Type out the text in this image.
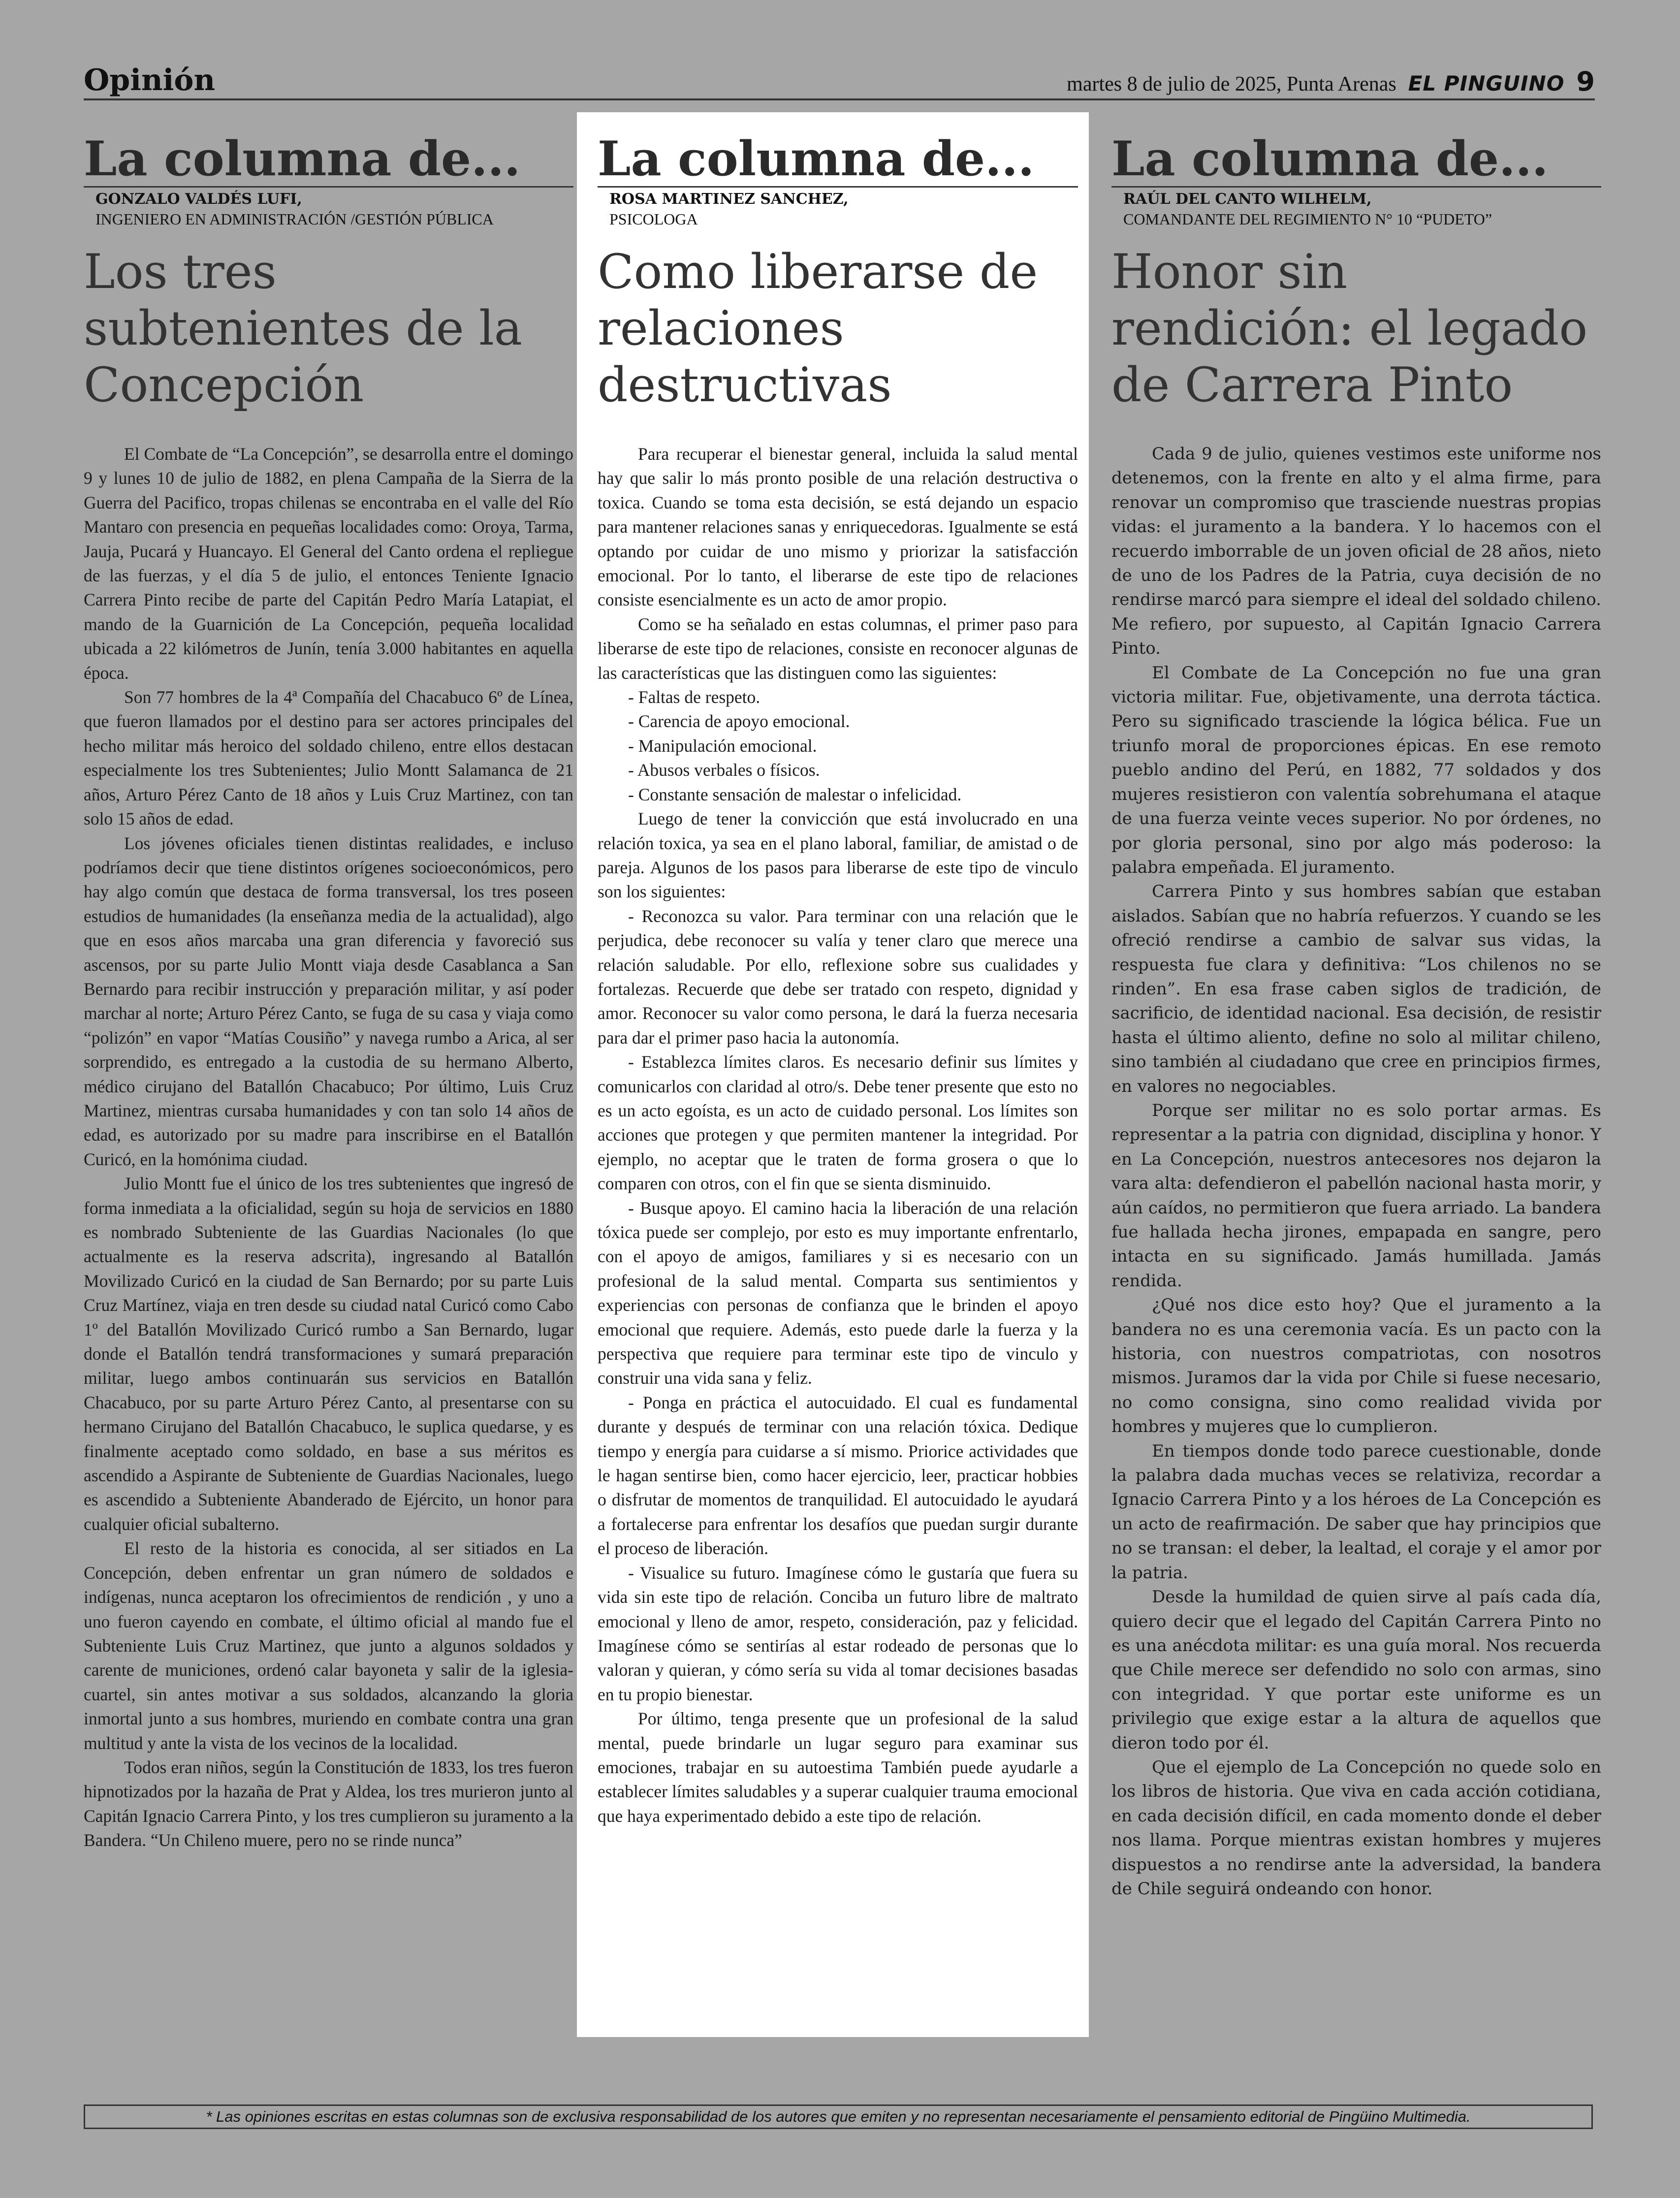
Opinión	martes 8 de julio de 2025, Punta Arenas EL PINGUINO 9
La columna de...
GONZALO VALDÉS LUFI,
INGENIERO EN ADMINISTRACIÓN /GESTIÓN PÚBLICA
Los tres subtenientes de la Concepción

El Combate de “La Concepción”, se desarrolla entre el domingo 9 y lunes 10 de julio de 1882, en plena Campaña de la Sierra de la Guerra del Pacifico, tropas chilenas se encontraba en el valle del Río Mantaro con presencia en pequeñas localidades como: Oroya, Tarma, Jauja, Pucará y Huancayo. El General del Canto ordena el repliegue de las fuerzas, y el día 5 de julio, el entonces Teniente Ignacio Carrera Pinto recibe de parte del Capitán Pedro María Latapiat, el mando de la Guarnición de La Concepción, pequeña localidad ubicada a 22 kilómetros de Junín, tenía 3.000 habitantes en aquella época.

Son 77 hombres de la 4ª Compañía del Chacabuco 6º de Línea, que fueron llamados por el destino para ser actores principales del hecho militar más heroico del soldado chileno, entre ellos destacan especialmente los tres Subtenientes; Julio Montt Salamanca de 21 años, Arturo Pérez Canto de 18 años y Luis Cruz Martinez, con tan solo 15 años de edad.

Los jóvenes oficiales tienen distintas realidades, e incluso podríamos decir que tiene distintos orígenes socioeconómicos, pero hay algo común que destaca de forma transversal, los tres poseen estudios de humanidades (la enseñanza media de la actualidad), algo que en esos años marcaba una gran diferencia y favoreció sus ascensos, por su parte Julio Montt viaja desde Casablanca a San Bernardo para recibir instrucción y preparación militar, y así poder marchar al norte; Arturo Pérez Canto, se fuga de su casa y viaja como “polizón” en vapor “Matías Cousiño” y navega rumbo a Arica, al ser sorprendido, es entregado a la custodia de su hermano Alberto, médico cirujano del Batallón Chacabuco; Por último, Luis Cruz Martinez, mientras cursaba humanidades y con tan solo 14 años de edad, es autorizado por su madre para inscribirse en el Batallón Curicó, en la homónima ciudad.

Julio Montt fue el único de los tres subtenientes que ingresó de forma inmediata a la oficialidad, según su hoja de servicios en 1880 es nombrado Subteniente de las Guardias Nacionales (lo que actualmente es la reserva adscrita), ingresando al Batallón Movilizado Curicó en la ciudad de San Bernardo; por su parte Luis Cruz Martínez, viaja en tren desde su ciudad natal Curicó como Cabo 1º del Batallón Movilizado Curicó rumbo a San Bernardo, lugar donde el Batallón tendrá transformaciones y sumará preparación militar, luego ambos continuarán sus servicios en Batallón Chacabuco, por su parte Arturo Pérez Canto, al presentarse con su hermano Cirujano del Batallón Chacabuco, le suplica quedarse, y es finalmente aceptado como soldado, en base a sus méritos es ascendido a Aspirante de Subteniente de Guardias Nacionales, luego es ascendido a Subteniente Abanderado de Ejército, un honor para cualquier oficial subalterno.

El resto de la historia es conocida, al ser sitiados en La Concepción, deben enfrentar un gran número de soldados e indígenas, nunca aceptaron los ofrecimientos de rendición , y uno a uno fueron cayendo en combate, el último oficial al mando fue el Subteniente Luis Cruz Martinez, que junto a algunos soldados y carente de municiones, ordenó calar bayoneta y salir de la iglesia-cuartel, sin antes motivar a sus soldados, alcanzando la gloria inmortal junto a sus hombres, muriendo en combate contra una gran multitud y ante la vista de los vecinos de la localidad.

Todos eran niños, según la Constitución de 1833, los tres fueron hipnotizados por la hazaña de Prat y Aldea, los tres murieron junto al Capitán Ignacio Carrera Pinto, y los tres cumplieron su juramento a la Bandera. “Un Chileno muere, pero no se rinde nunca”

La columna de...
ROSA MARTINEZ SANCHEZ,
PSICOLOGA
Como liberarse de relaciones destructivas

Para recuperar el bienestar general, incluida la salud mental hay que salir lo más pronto posible de una relación destructiva o toxica. Cuando se toma esta decisión, se está dejando un espacio para mantener relaciones sanas y enriquecedoras. Igualmente se está optando por cuidar de uno mismo y priorizar la satisfacción emocional. Por lo tanto, el liberarse de este tipo de relaciones consiste esencialmente es un acto de amor propio.

Como se ha señalado en estas columnas, el primer paso para liberarse de este tipo de relaciones, consiste en reconocer algunas de las características que las distinguen como las siguientes:

- Faltas de respeto.

- Carencia de apoyo emocional.

- Manipulación emocional.

- Abusos verbales o físicos.

- Constante sensación de malestar o infelicidad.

Luego de tener la convicción que está involucrado en una relación toxica, ya sea en el plano laboral, familiar, de amistad o de pareja. Algunos de los pasos para liberarse de este tipo de vinculo son los siguientes:

- Reconozca su valor. Para terminar con una relación que le perjudica, debe reconocer su valía y tener claro que merece una relación saludable. Por ello, reflexione sobre sus cualidades y fortalezas. Recuerde que debe ser tratado con respeto, dignidad y amor. Reconocer su valor como persona, le dará la fuerza necesaria para dar el primer paso hacia la autonomía.

- Establezca límites claros. Es necesario definir sus límites y comunicarlos con claridad al otro/s. Debe tener presente que esto no es un acto egoísta, es un acto de cuidado personal. Los límites son acciones que protegen y que permiten mantener la integridad. Por ejemplo, no aceptar que le traten de forma grosera o que lo comparen con otros, con el fin que se sienta disminuido.

- Busque apoyo. El camino hacia la liberación de una relación tóxica puede ser complejo, por esto es muy importante enfrentarlo, con el apoyo de amigos, familiares y si es necesario con un profesional de la salud mental. Comparta sus sentimientos y experiencias con personas de confianza que le brinden el apoyo emocional que requiere. Además, esto puede darle la fuerza y la perspectiva que requiere para terminar este tipo de vinculo y construir una vida sana y feliz.

- Ponga en práctica el autocuidado. El cual es fundamental durante y después de terminar con una relación tóxica. Dedique tiempo y energía para cuidarse a sí mismo. Priorice actividades que le hagan sentirse bien, como hacer ejercicio, leer, practicar hobbies o disfrutar de momentos de tranquilidad. El autocuidado le ayudará a fortalecerse para enfrentar los desafíos que puedan surgir durante el proceso de liberación.

- Visualice su futuro. Imagínese cómo le gustaría que fuera su vida sin este tipo de relación. Conciba un futuro libre de maltrato emocional y lleno de amor, respeto, consideración, paz y felicidad. Imagínese cómo se sentirías al estar rodeado de personas que lo valoran y quieran, y cómo sería su vida al tomar decisiones basadas en tu propio bienestar.

Por último, tenga presente que un profesional de la salud mental, puede brindarle un lugar seguro para examinar sus emociones, trabajar en su autoestima También puede ayudarle a establecer límites saludables y a superar cualquier trauma emocional que haya experimentado debido a este tipo de relación.

La columna de...
RAÚL DEL CANTO WILHELM,
COMANDANTE DEL REGIMIENTO N° 10 “PUDETO”
Honor sin rendición: el legado de Carrera Pinto

Cada 9 de julio, quienes vestimos este uniforme nos detenemos, con la frente en alto y el alma firme, para renovar un compromiso que trasciende nuestras propias vidas: el juramento a la bandera. Y lo hacemos con el recuerdo imborrable de un joven oficial de 28 años, nieto de uno de los Padres de la Patria, cuya decisión de no rendirse marcó para siempre el ideal del soldado chileno. Me refiero, por supuesto, al Capitán Ignacio Carrera Pinto.

El Combate de La Concepción no fue una gran victoria militar. Fue, objetivamente, una derrota táctica. Pero su significado trasciende la lógica bélica. Fue un triunfo moral de proporciones épicas. En ese remoto pueblo andino del Perú, en 1882, 77 soldados y dos mujeres resistieron con valentía sobrehumana el ataque de una fuerza veinte veces superior. No por órdenes, no por gloria personal, sino por algo más poderoso: la palabra empeñada. El juramento.

Carrera Pinto y sus hombres sabían que estaban aislados. Sabían que no habría refuerzos. Y cuando se les ofreció rendirse a cambio de salvar sus vidas, la respuesta fue clara y definitiva: “Los chilenos no se rinden”. En esa frase caben siglos de tradición, de sacrificio, de identidad nacional. Esa decisión, de resistir hasta el último aliento, define no solo al militar chileno, sino también al ciudadano que cree en principios firmes, en valores no negociables.

Porque ser militar no es solo portar armas. Es representar a la patria con dignidad, disciplina y honor. Y en La Concepción, nuestros antecesores nos dejaron la vara alta: defendieron el pabellón nacional hasta morir, y aún caídos, no permitieron que fuera arriado. La bandera fue hallada hecha jirones, empapada en sangre, pero intacta en su significado. Jamás humillada. Jamás rendida.

¿Qué nos dice esto hoy? Que el juramento a la bandera no es una ceremonia vacía. Es un pacto con la historia, con nuestros compatriotas, con nosotros mismos. Juramos dar la vida por Chile si fuese necesario, no como consigna, sino como realidad vivida por hombres y mujeres que lo cumplieron.

En tiempos donde todo parece cuestionable, donde la palabra dada muchas veces se relativiza, recordar a Ignacio Carrera Pinto y a los héroes de La Concepción es un acto de reafirmación. De saber que hay principios que no se transan: el deber, la lealtad, el coraje y el amor por la patria.

Desde la humildad de quien sirve al país cada día, quiero decir que el legado del Capitán Carrera Pinto no es una anécdota militar: es una guía moral. Nos recuerda que Chile merece ser defendido no solo con armas, sino con integridad. Y que portar este uniforme es un privilegio que exige estar a la altura de aquellos que dieron todo por él.

Que el ejemplo de La Concepción no quede solo en los libros de historia. Que viva en cada acción cotidiana, en cada decisión difícil, en cada momento donde el deber nos llama. Porque mientras existan hombres y mujeres dispuestos a no rendirse ante la adversidad, la bandera de Chile seguirá ondeando con honor.

* Las opiniones escritas en estas columnas son de exclusiva responsabilidad de los autores que emiten y no representan necesariamente el pensamiento editorial de Pingüino Multimedia.
